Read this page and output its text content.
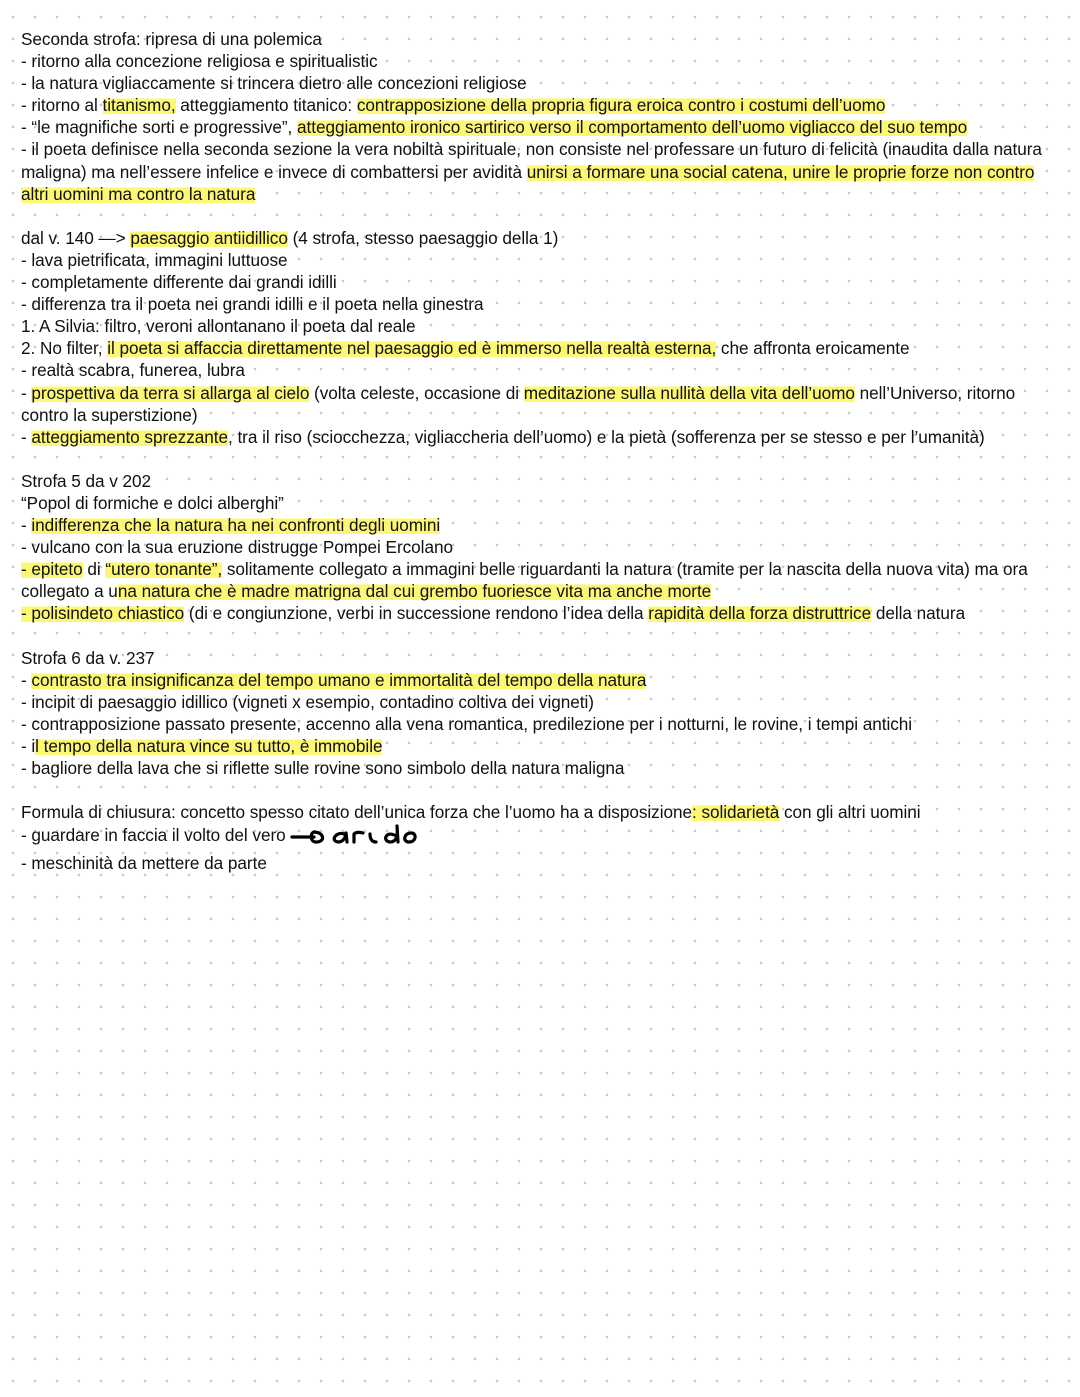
Seconda strofa: ripresa di una polemica
- ritorno alla concezione religiosa e spiritualistic
- la natura vigliaccamente si trincera dietro alle concezioni religiose
- ritorno al titanismo, atteggiamento titanico: contrapposizione della propria figura eroica contro i costumi dell’uomo
- “le magnifiche sorti e progressive”, atteggiamento ironico sartirico verso il comportamento dell’uomo vigliacco del suo tempo
- il poeta definisce nella seconda sezione la vera nobiltà spirituale, non consiste nel professare un futuro di felicità (inaudita dalla natura maligna) ma nell’essere infelice e invece di combattersi per avidità unirsi a formare una social catena, unire le proprie forze non contro altri uomini ma contro la natura
dal v. 140 —> paesaggio antiidillico (4 strofa, stesso paesaggio della 1)
- lava pietrificata, immagini luttuose
- completamente differente dai grandi idilli
- differenza tra il poeta nei grandi idilli e il poeta nella ginestra
1. A Silvia: filtro, veroni allontanano il poeta dal reale
2. No filter, il poeta si affaccia direttamente nel paesaggio ed è immerso nella realtà esterna, che affronta eroicamente
- realtà scabra, funerea, lubra
- prospettiva da terra si allarga al cielo (volta celeste, occasione di meditazione sulla nullità della vita dell’uomo nell’Universo, ritorno contro la superstizione)
- atteggiamento sprezzante, tra il riso (sciocchezza, vigliaccheria dell’uomo) e la pietà (sofferenza per se stesso e per l’umanità)
Strofa 5 da v 202
“Popol di formiche e dolci alberghi”
- indifferenza che la natura ha nei confronti degli uomini
- vulcano con la sua eruzione distrugge Pompei Ercolano
- epiteto di “utero tonante”, solitamente collegato a immagini belle riguardanti la natura (tramite per la nascita della nuova vita) ma ora collegato a una natura che è madre matrigna dal cui grembo fuoriesce vita ma anche morte
- polisindeto chiastico (di e congiunzione, verbi in successione rendono l’idea della rapidità della forza distruttrice della natura
Strofa 6 da v. 237
- contrasto tra insignificanza del tempo umano e immortalità del tempo della natura
- incipit di paesaggio idillico (vigneti x esempio, contadino coltiva dei vigneti)
- contrapposizione passato presente, accenno alla vena romantica, predilezione per i notturni, le rovine, i tempi antichi
- il tempo della natura vince su tutto, è immobile
- bagliore della lava che si riflette sulle rovine sono simbolo della natura maligna
Formula di chiusura: concetto spesso citato dell’unica forza che l’uomo ha a disposizione: solidarietà con gli altri uomini
- guardare in faccia il volto del vero
- meschinità da mettere da parte
